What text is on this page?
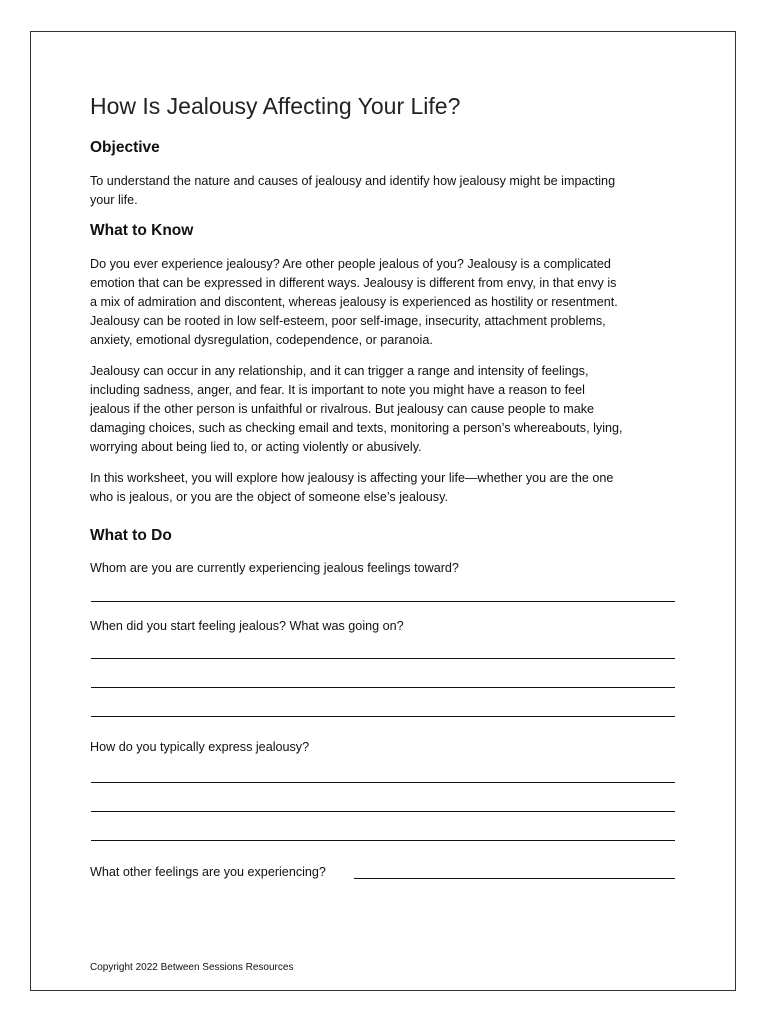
How Is Jealousy Affecting Your Life?
Objective

To understand the nature and causes of jealousy and identify how jealousy might be impacting
your life.

What to Know

Do you ever experience jealousy? Are other people jealous of you? Jealousy is a complicated
emotion that can be expressed in different ways. Jealousy is different from envy, in that envy is
a mix of admiration and discontent, whereas jealousy is experienced as hostility or resentment.
Jealousy can be rooted in low self-esteem, poor self-image, insecurity, attachment problems,
anxiety, emotional dysregulation, codependence, or paranoia.

Jealousy can occur in any relationship, and it can trigger a range and intensity of feelings,
including sadness, anger, and fear. It is important to note you might have a reason to feel
jealous if the other person is unfaithful or rivalrous. But jealousy can cause people to make
damaging choices, such as checking email and texts, monitoring a person’s whereabouts, lying,
worrying about being lied to, or acting violently or abusively.

In this worksheet, you will explore how jealousy is affecting your life—whether you are the one
who is jealous, or you are the object of someone else’s jealousy.

What to Do

Whom are you are currently experiencing jealous feelings toward?

When did you start feeling jealous? What was going on?

How do you typically express jealousy?

What other feelings are you experiencing?

Copyright 2022 Between Sessions Resources
